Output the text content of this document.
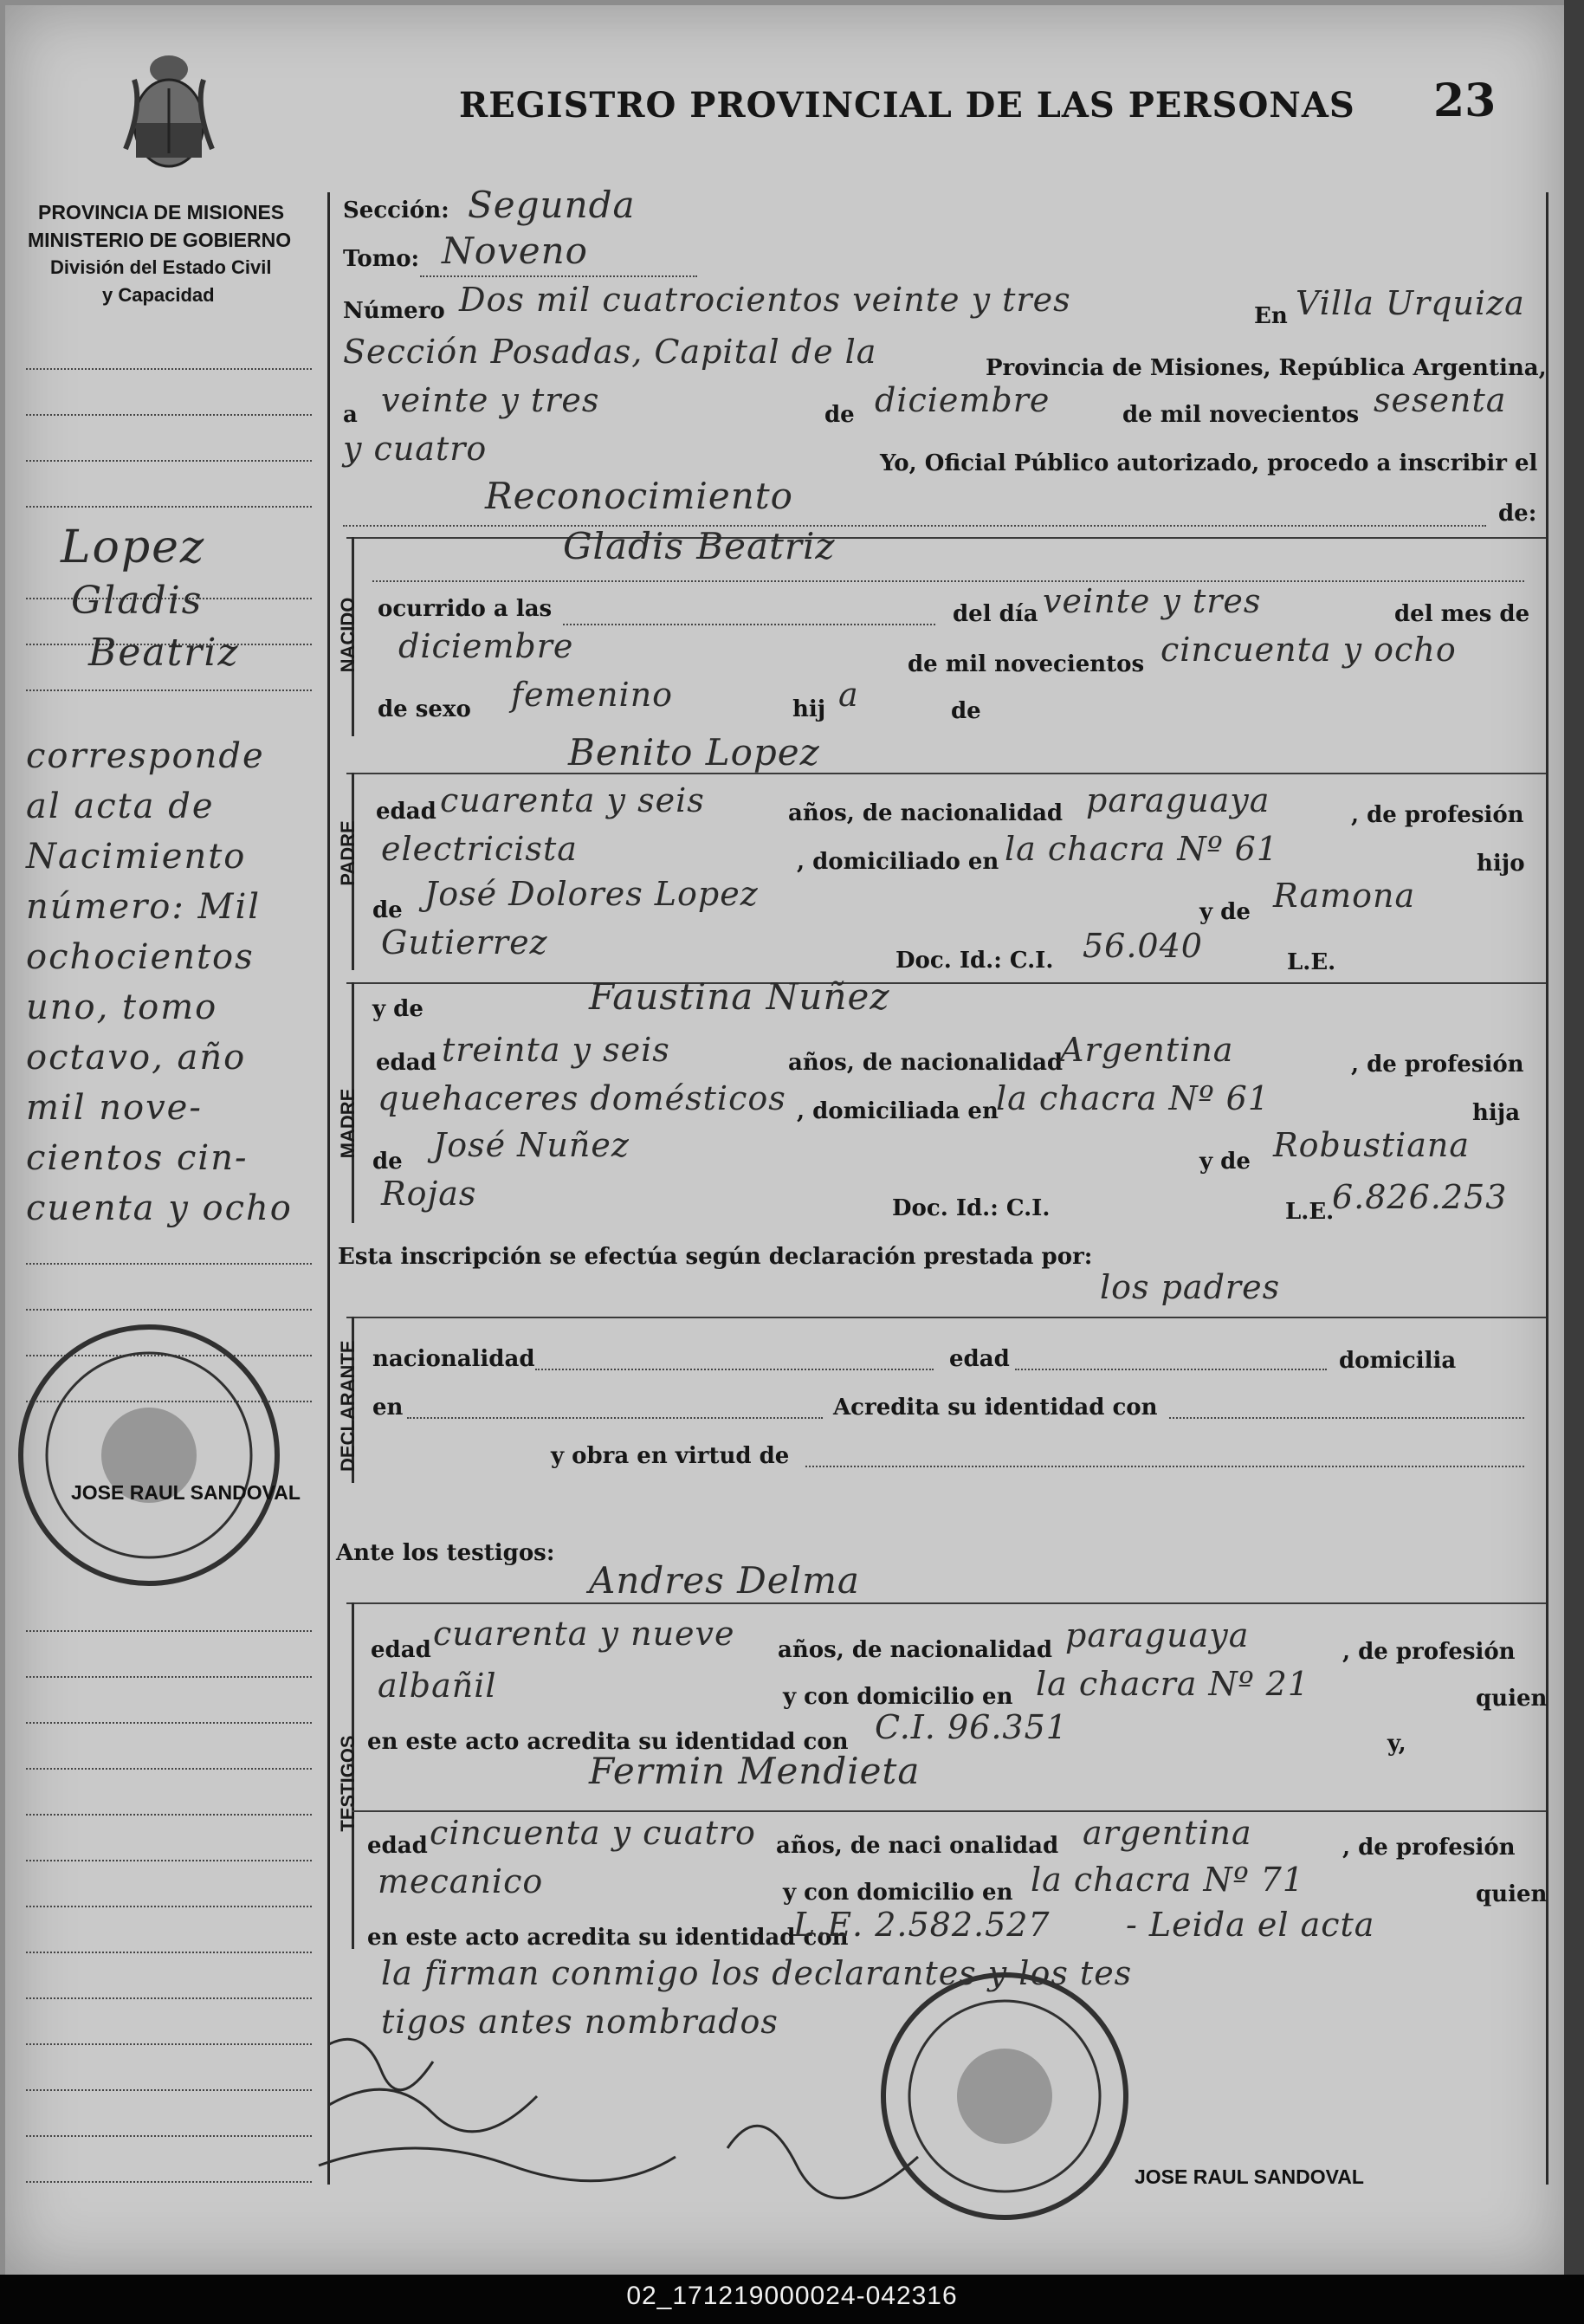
PROVINCIA DE MISIONES
MINISTERIO DE GOBIERNO
División del Estado Civil
y Capacidad
REGISTRO PROVINCIAL DE LAS PERSONAS 23
Lopez
Gladis
Beatriz
corresponde
al acta de
Nacimiento
número: Mil
ochocientos
uno, tomo
octavo, año
mil nove-
cientos cin-
cuenta y ocho
Sección: Segunda
Tomo: Noveno
Número Dos mil cuatrocientos veinte y tres	En Villa Urquiza
Sección Posadas, Capital de la	Provincia de Misiones, República Argentina,
a veinte y tres	de diciembre	de mil novecientos sesenta
y cuatro	Yo, Oficial Público autorizado, procedo a inscribir el
Reconocimiento	de:
NACIDO
Gladis Beatriz
ocurrido a las	del día veinte y tres	del mes de
diciembre	de mil novecientos cincuenta y ocho
de sexo femenino	hij a	de
PADRE
Benito Lopez
edad cuarenta y seis	años, de nacionalidad paraguaya	, de profesión
electricista	, domiciliado en la chacra Nº 61	hijo
de José Dolores Lopez	y de Ramona
Gutierrez	Doc. Id.: C.I. 56.040	L.E.
MADRE
y de	Faustina Nuñez
edad treinta y seis	años, de nacionalidad
Argentina	, de profesión
quehaceres domésticos , domiciliada en
la chacra Nº 61	hija
de José Nuñez	y de Robustiana
Rojas	Doc. Id.: C.I.	L.E.
6.826.253
Esta inscripción se efectúa según declaración prestada por:
los padres
DECLARANTE nacionalidad	edad	domicilia
en	Acredita su identidad con
y obra en virtud de
Ante los testigos:
Andres Delma
TESTIGOS
edad cuarenta y nueve años, de nacionalidad paraguaya	, de profesión
albañil	y con domicilio en la chacra Nº 21	quien
en este acto acredita su identidad con C.I. 96.351	y,
Fermin Mendieta
edad cincuenta y cuatro años, de naci onalidad argentina	, de profesión
mecanico	y con domicilio en la chacra Nº 71	quien
en este acto acredita su identidad con
L.E. 2.582.527 - Leida el acta
la firman conmigo los declarantes y los tes
tigos antes nombrados
JOSE RAUL SANDOVAL
JOSE RAUL SANDOVAL
02_171219000024-042316
